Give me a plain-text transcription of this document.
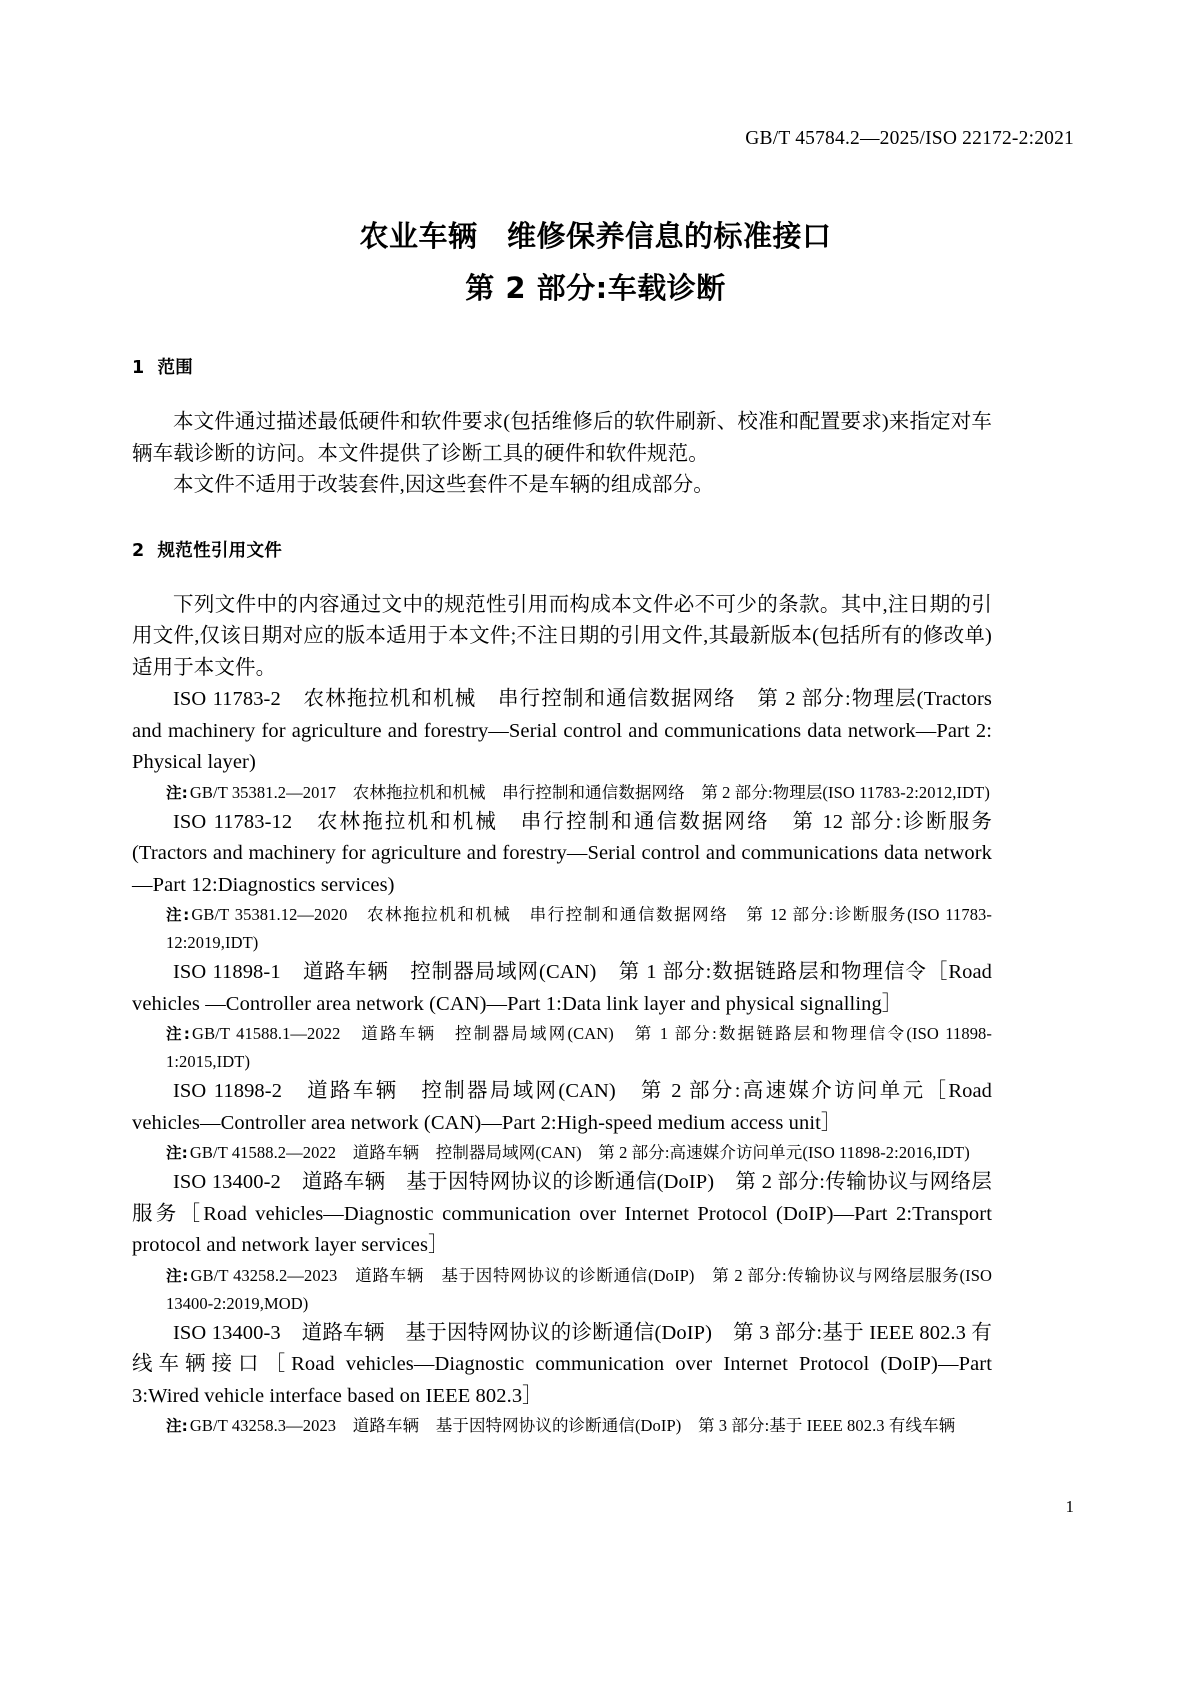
GB/T 45784.2—2025/ISO 22172-2:2021
农业车辆　维修保养信息的标准接口
第 2 部分:车载诊断
1 范围

本文件通过描述最低硬件和软件要求(包括维修后的软件刷新、校准和配置要求)来指定对车辆车载诊断的访问。本文件提供了诊断工具的硬件和软件规范。

本文件不适用于改装套件,因这些套件不是车辆的组成部分。

2 规范性引用文件

下列文件中的内容通过文中的规范性引用而构成本文件必不可少的条款。其中,注日期的引用文件,仅该日期对应的版本适用于本文件;不注日期的引用文件,其最新版本(包括所有的修改单)适用于本文件。

ISO 11783-2　农林拖拉机和机械　串行控制和通信数据网络　第 2 部分:物理层(Tractors and machinery for agriculture and forestry—Serial control and communications data network—Part 2: Physical layer)

注: GB/T 35381.2—2017　农林拖拉机和机械　串行控制和通信数据网络　第 2 部分:物理层(ISO 11783-2:2012,IDT)

ISO 11783-12　农林拖拉机和机械　串行控制和通信数据网络　第 12 部分:诊断服务(Tractors and machinery for agriculture and forestry—Serial control and communications data network—Part 12:Diagnostics services)

注: GB/T 35381.12—2020　农林拖拉机和机械　串行控制和通信数据网络　第 12 部分:诊断服务(ISO 11783-12:2019,IDT)

ISO 11898-1　道路车辆　控制器局域网(CAN)　第 1 部分:数据链路层和物理信令［Road vehicles —Controller area network (CAN)—Part 1:Data link layer and physical signalling］

注: GB/T 41588.1—2022　道路车辆　控制器局域网(CAN)　第 1 部分:数据链路层和物理信令(ISO 11898-1:2015,IDT)

ISO 11898-2　道路车辆　控制器局域网(CAN)　第 2 部分:高速媒介访问单元［Road vehicles—Controller area network (CAN)—Part 2:High-speed medium access unit］

注: GB/T 41588.2—2022　道路车辆　控制器局域网(CAN)　第 2 部分:高速媒介访问单元(ISO 11898-2:2016,IDT)

ISO 13400-2　道路车辆　基于因特网协议的诊断通信(DoIP)　第 2 部分:传输协议与网络层服务［Road vehicles—Diagnostic communication over Internet Protocol (DoIP)—Part 2:Transport protocol and network layer services］

注: GB/T 43258.2—2023　道路车辆　基于因特网协议的诊断通信(DoIP)　第 2 部分:传输协议与网络层服务(ISO 13400-2:2019,MOD)

ISO 13400-3　道路车辆　基于因特网协议的诊断通信(DoIP)　第 3 部分:基于 IEEE 802.3 有线车辆接口［Road vehicles—Diagnostic communication over Internet Protocol (DoIP)—Part 3:Wired vehicle interface based on IEEE 802.3］

注: GB/T 43258.3—2023　道路车辆　基于因特网协议的诊断通信(DoIP)　第 3 部分:基于 IEEE 802.3 有线车辆

1
